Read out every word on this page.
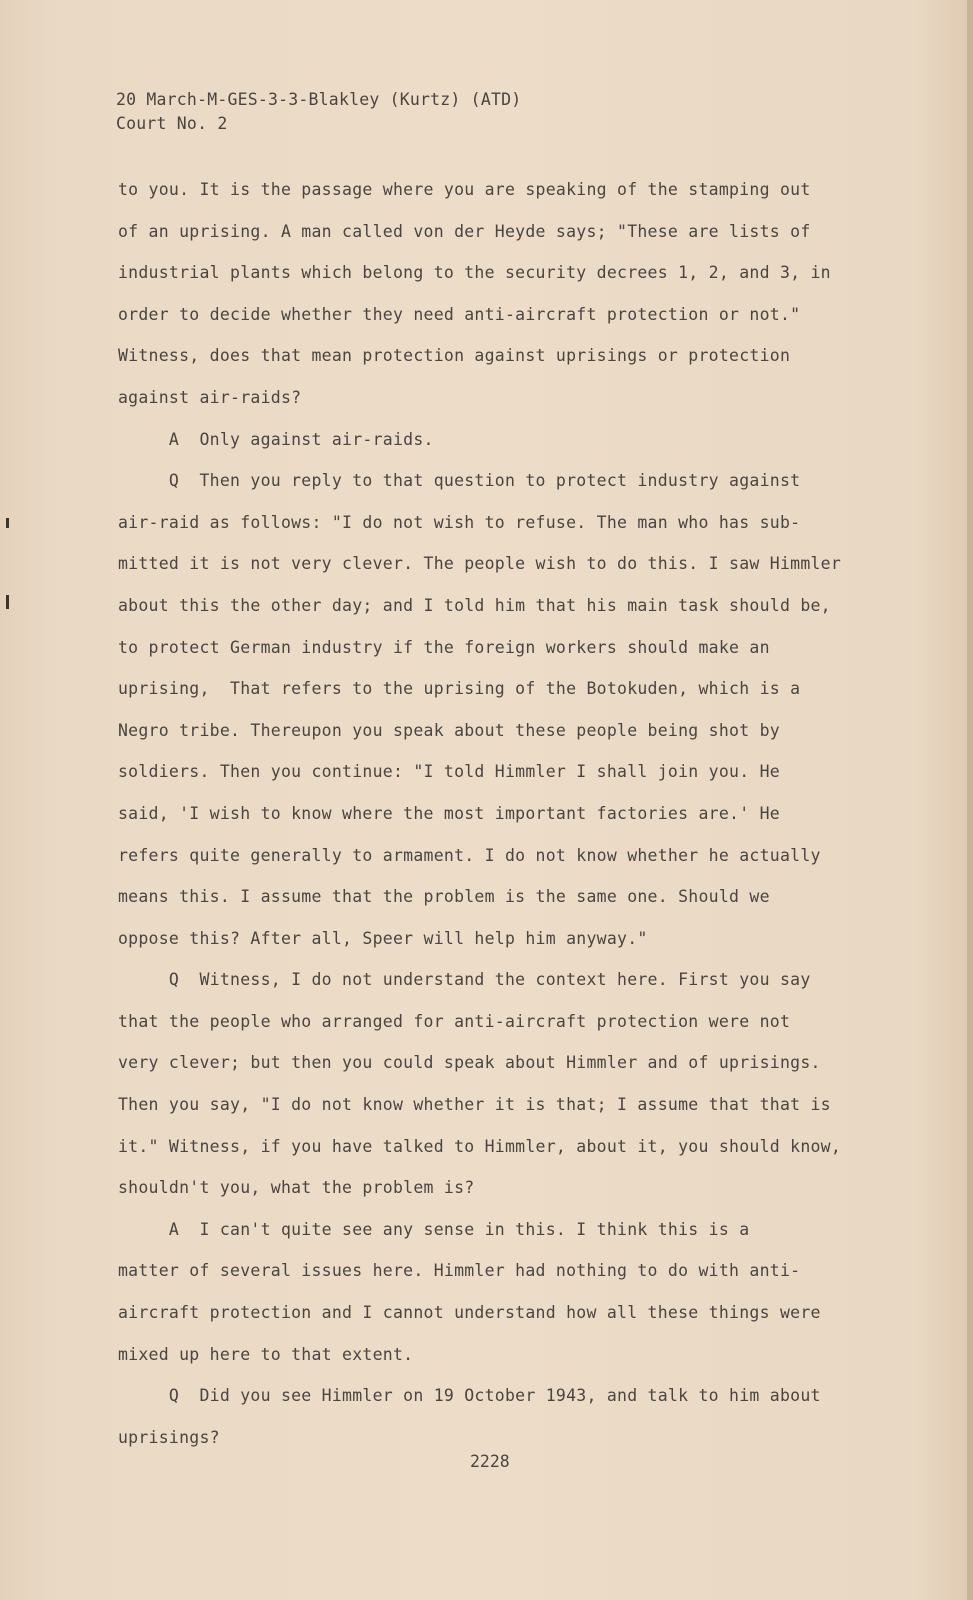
20 March-M-GES-3-3-Blakley (Kurtz) (ATD)
Court No. 2
to you. It is the passage where you are speaking of the stamping out
of an uprising. A man called von der Heyde says; "These are lists of
industrial plants which belong to the security decrees 1, 2, and 3, in
order to decide whether they need anti-aircraft protection or not."
Witness, does that mean protection against uprisings or protection
against air-raids?
A  Only against air-raids.
Q  Then you reply to that question to protect industry against
air-raid as follows: "I do not wish to refuse. The man who has sub-
mitted it is not very clever. The people wish to do this. I saw Himmler
about this the other day; and I told him that his main task should be,
to protect German industry if the foreign workers should make an
uprising,  That refers to the uprising of the Botokuden, which is a
Negro tribe. Thereupon you speak about these people being shot by
soldiers. Then you continue: "I told Himmler I shall join you. He
said, 'I wish to know where the most important factories are.' He
refers quite generally to armament. I do not know whether he actually
means this. I assume that the problem is the same one. Should we
oppose this? After all, Speer will help him anyway."
Q  Witness, I do not understand the context here. First you say
that the people who arranged for anti-aircraft protection were not
very clever; but then you could speak about Himmler and of uprisings.
Then you say, "I do not know whether it is that; I assume that that is
it." Witness, if you have talked to Himmler, about it, you should know,
shouldn't you, what the problem is?
A  I can't quite see any sense in this. I think this is a
matter of several issues here. Himmler had nothing to do with anti-
aircraft protection and I cannot understand how all these things were
mixed up here to that extent.
Q  Did you see Himmler on 19 October 1943, and talk to him about
uprisings?
2228
